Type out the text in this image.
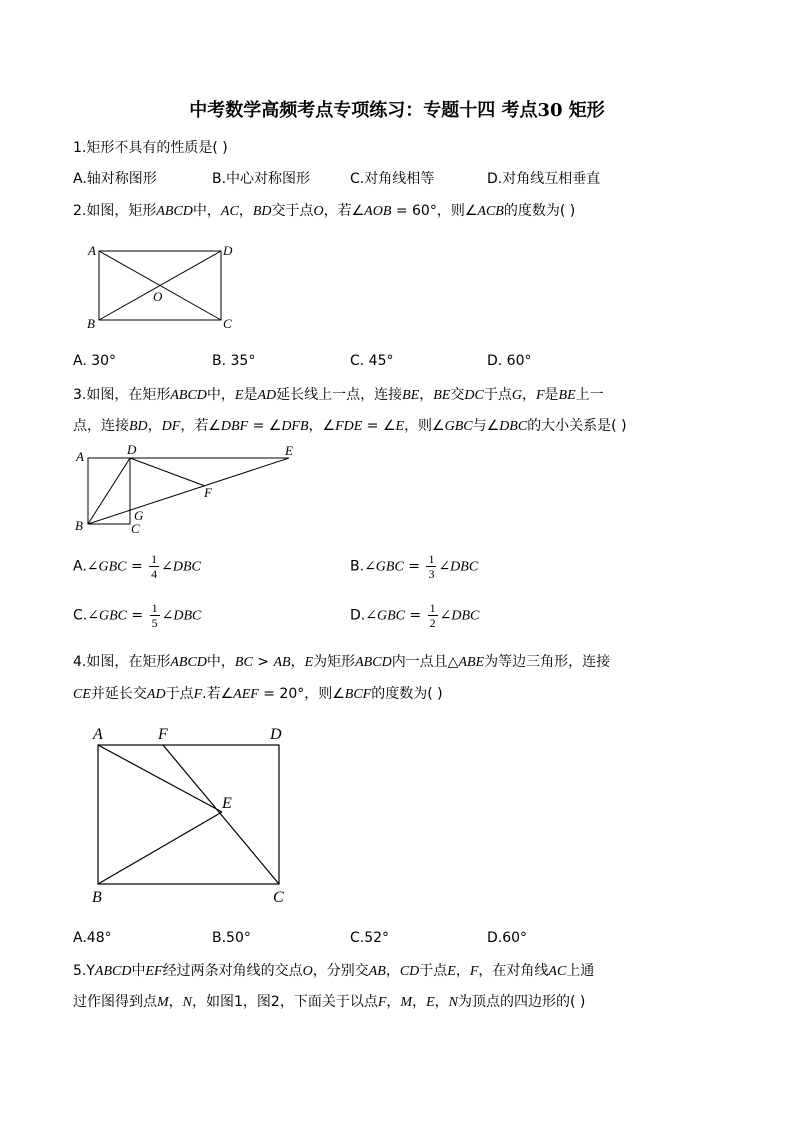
中考数学高频考点专项练习：专题十四 考点30 矩形
1.矩形不具有的性质是( )
A.轴对称图形	B.中心对称图形	C.对角线相等	D.对角线互相垂直
2.如图，矩形ABCD中，AC，BD交于点O，若∠AOB = 60°，则∠ACB的度数为( )
A	D
B	C
O
A. 30°	B. 35°	C. 45°	D. 60°
3.如图，在矩形ABCD中，E是AD延长线上一点，连接BE，BE交DC于点G，F是BE上一
点，连接BD，DF，若∠DBF = ∠DFB，∠FDE = ∠E，则∠GBC与∠DBC的大小关系是( )
A	D	E
F
G
B	C
A.∠GBC = $\frac{1}{4}$ ∠DBC	B.∠GBC = $\frac{1}{3}$ ∠DBC
C.∠GBC = $\frac{1}{5}$ ∠DBC	D.∠GBC = $\frac{1}{2}$ ∠DBC
4.如图，在矩形ABCD中，BC > AB，E为矩形ABCD内一点且△ABE为等边三角形，连接
CE并延长交AD于点F.若∠AEF = 20°，则∠BCF的度数为( )
A	F	D
E
B	C
A.48°	B.50°	C.52°	D.60°
5.YABCD中EF经过两条对角线的交点O，分别交AB，CD于点E，F，在对角线AC上通
过作图得到点M，N，如图1，图2，下面关于以点F，M，E，N为顶点的四边形的( )
